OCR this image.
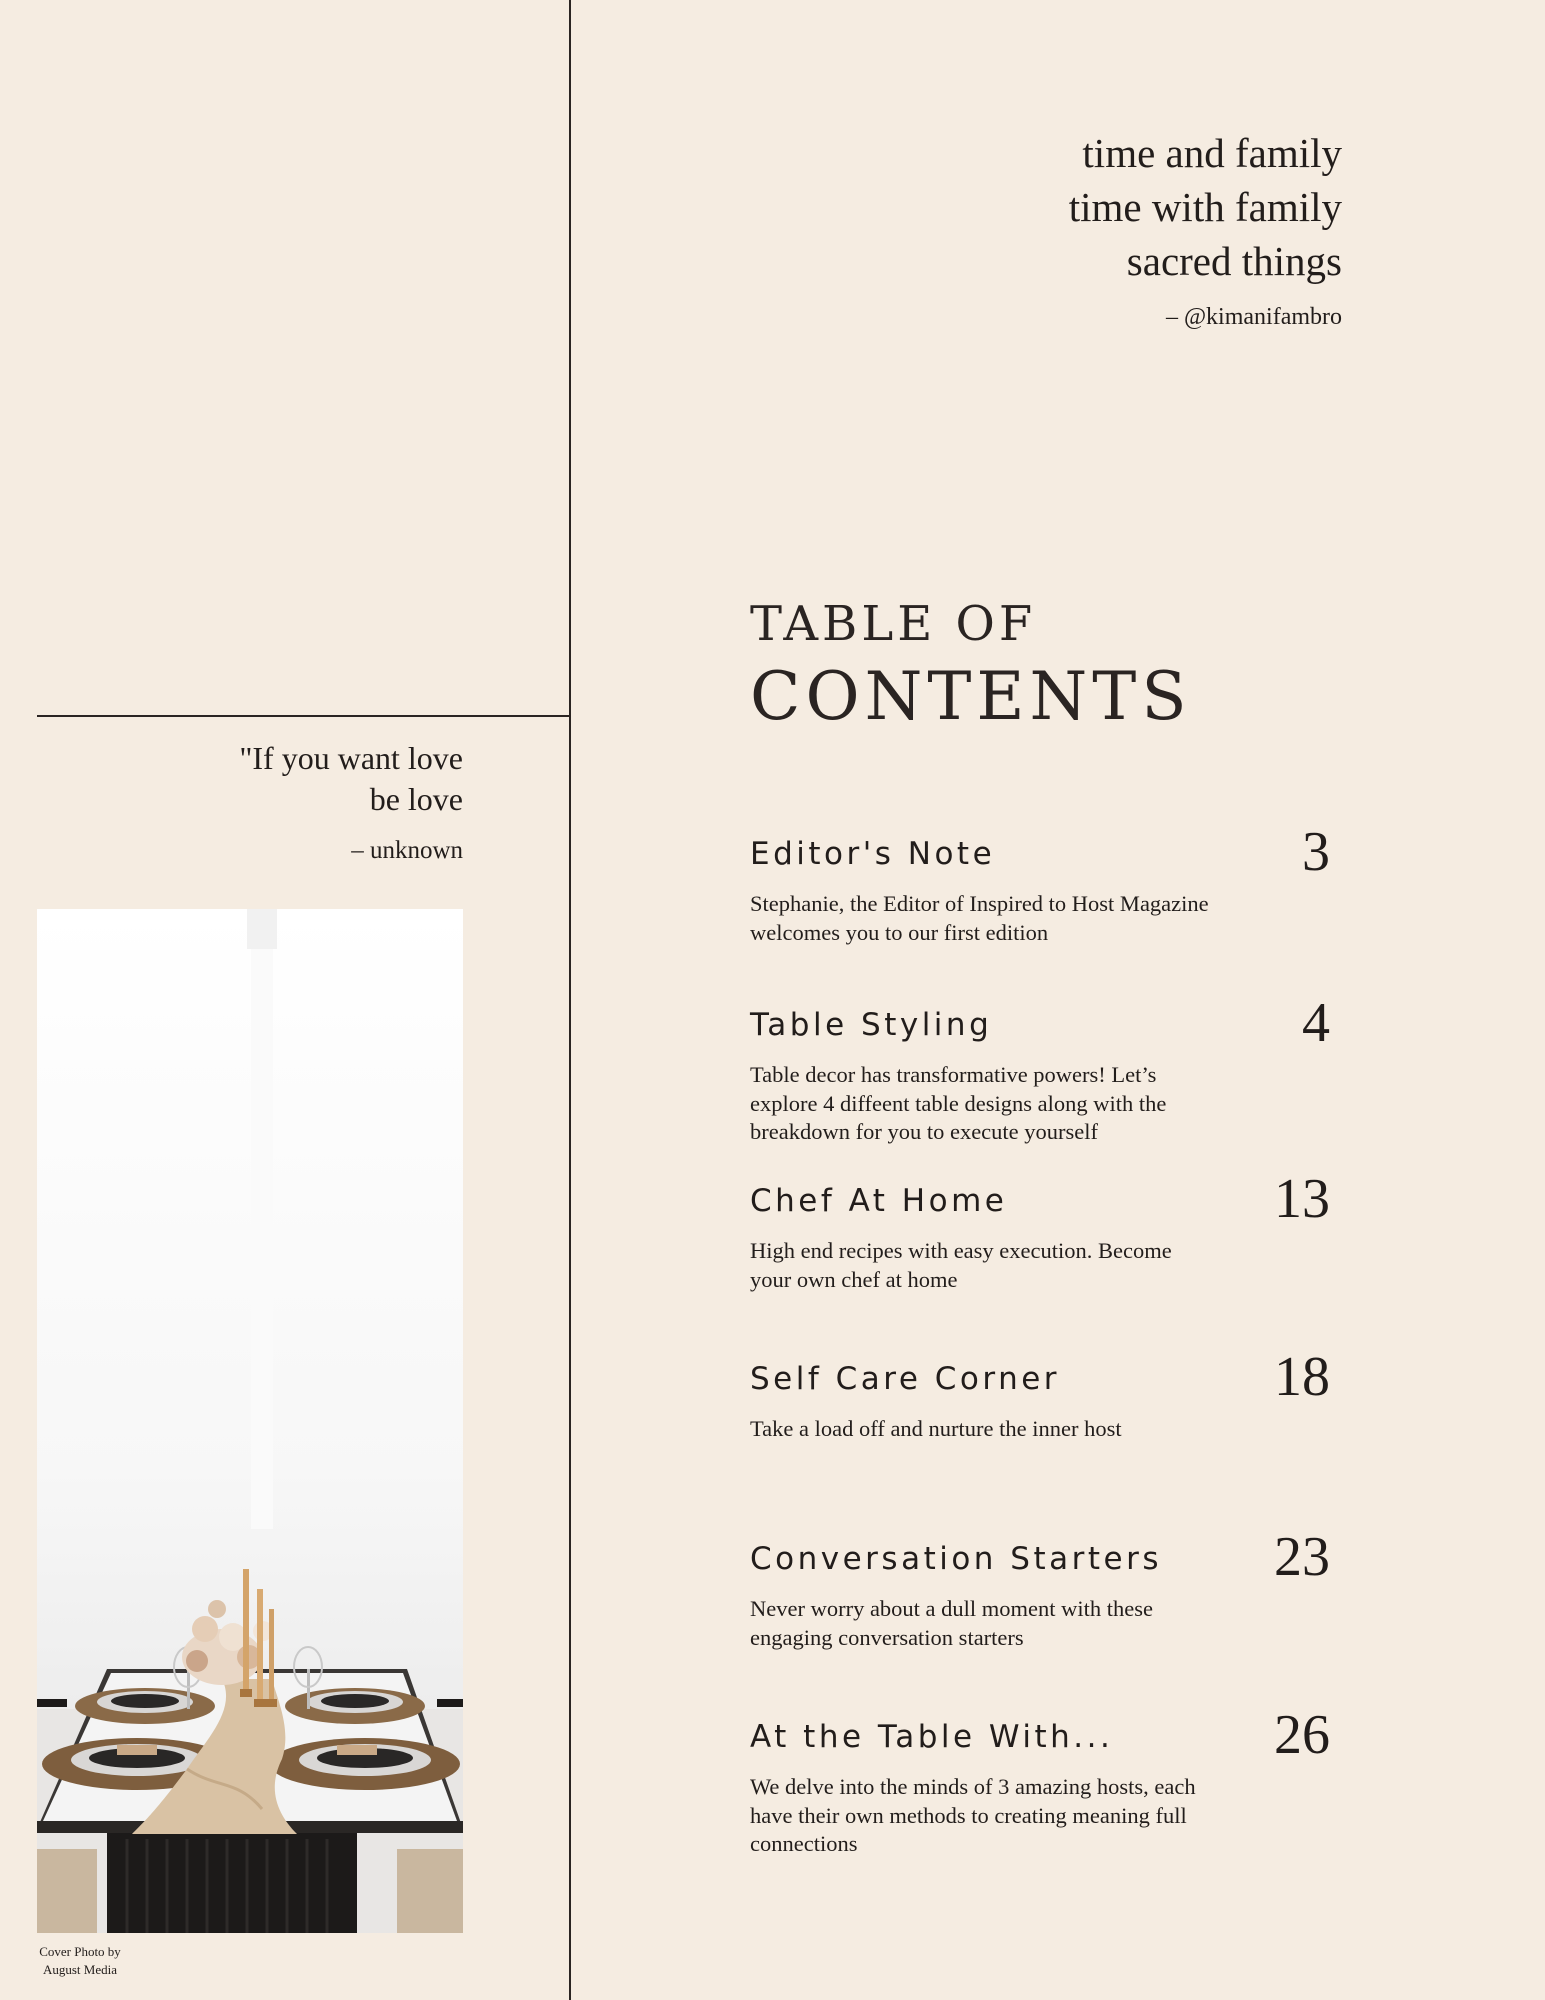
time and family
time with family
sacred things
– @kimanifambro
"If you want love
be love
– unknown
Cover Photo by
August Media
TABLE OF
CONTENTS
Editor's Note	3
Stephanie, the Editor of Inspired to Host Magazine welcomes you to our first edition
Table Styling	4
Table decor has transformative powers! Let’s explore 4 diffeent table designs along with the breakdown for you to execute yourself
Chef At Home	13
High end recipes with easy execution. Become your own chef at home
Self Care Corner	18
Take a load off and nurture the inner host
Conversation Starters	23
Never worry about a dull moment with these engaging conversation starters
At the Table With...	26
We delve into the minds of 3 amazing hosts, each have their own methods to creating meaning full connections
